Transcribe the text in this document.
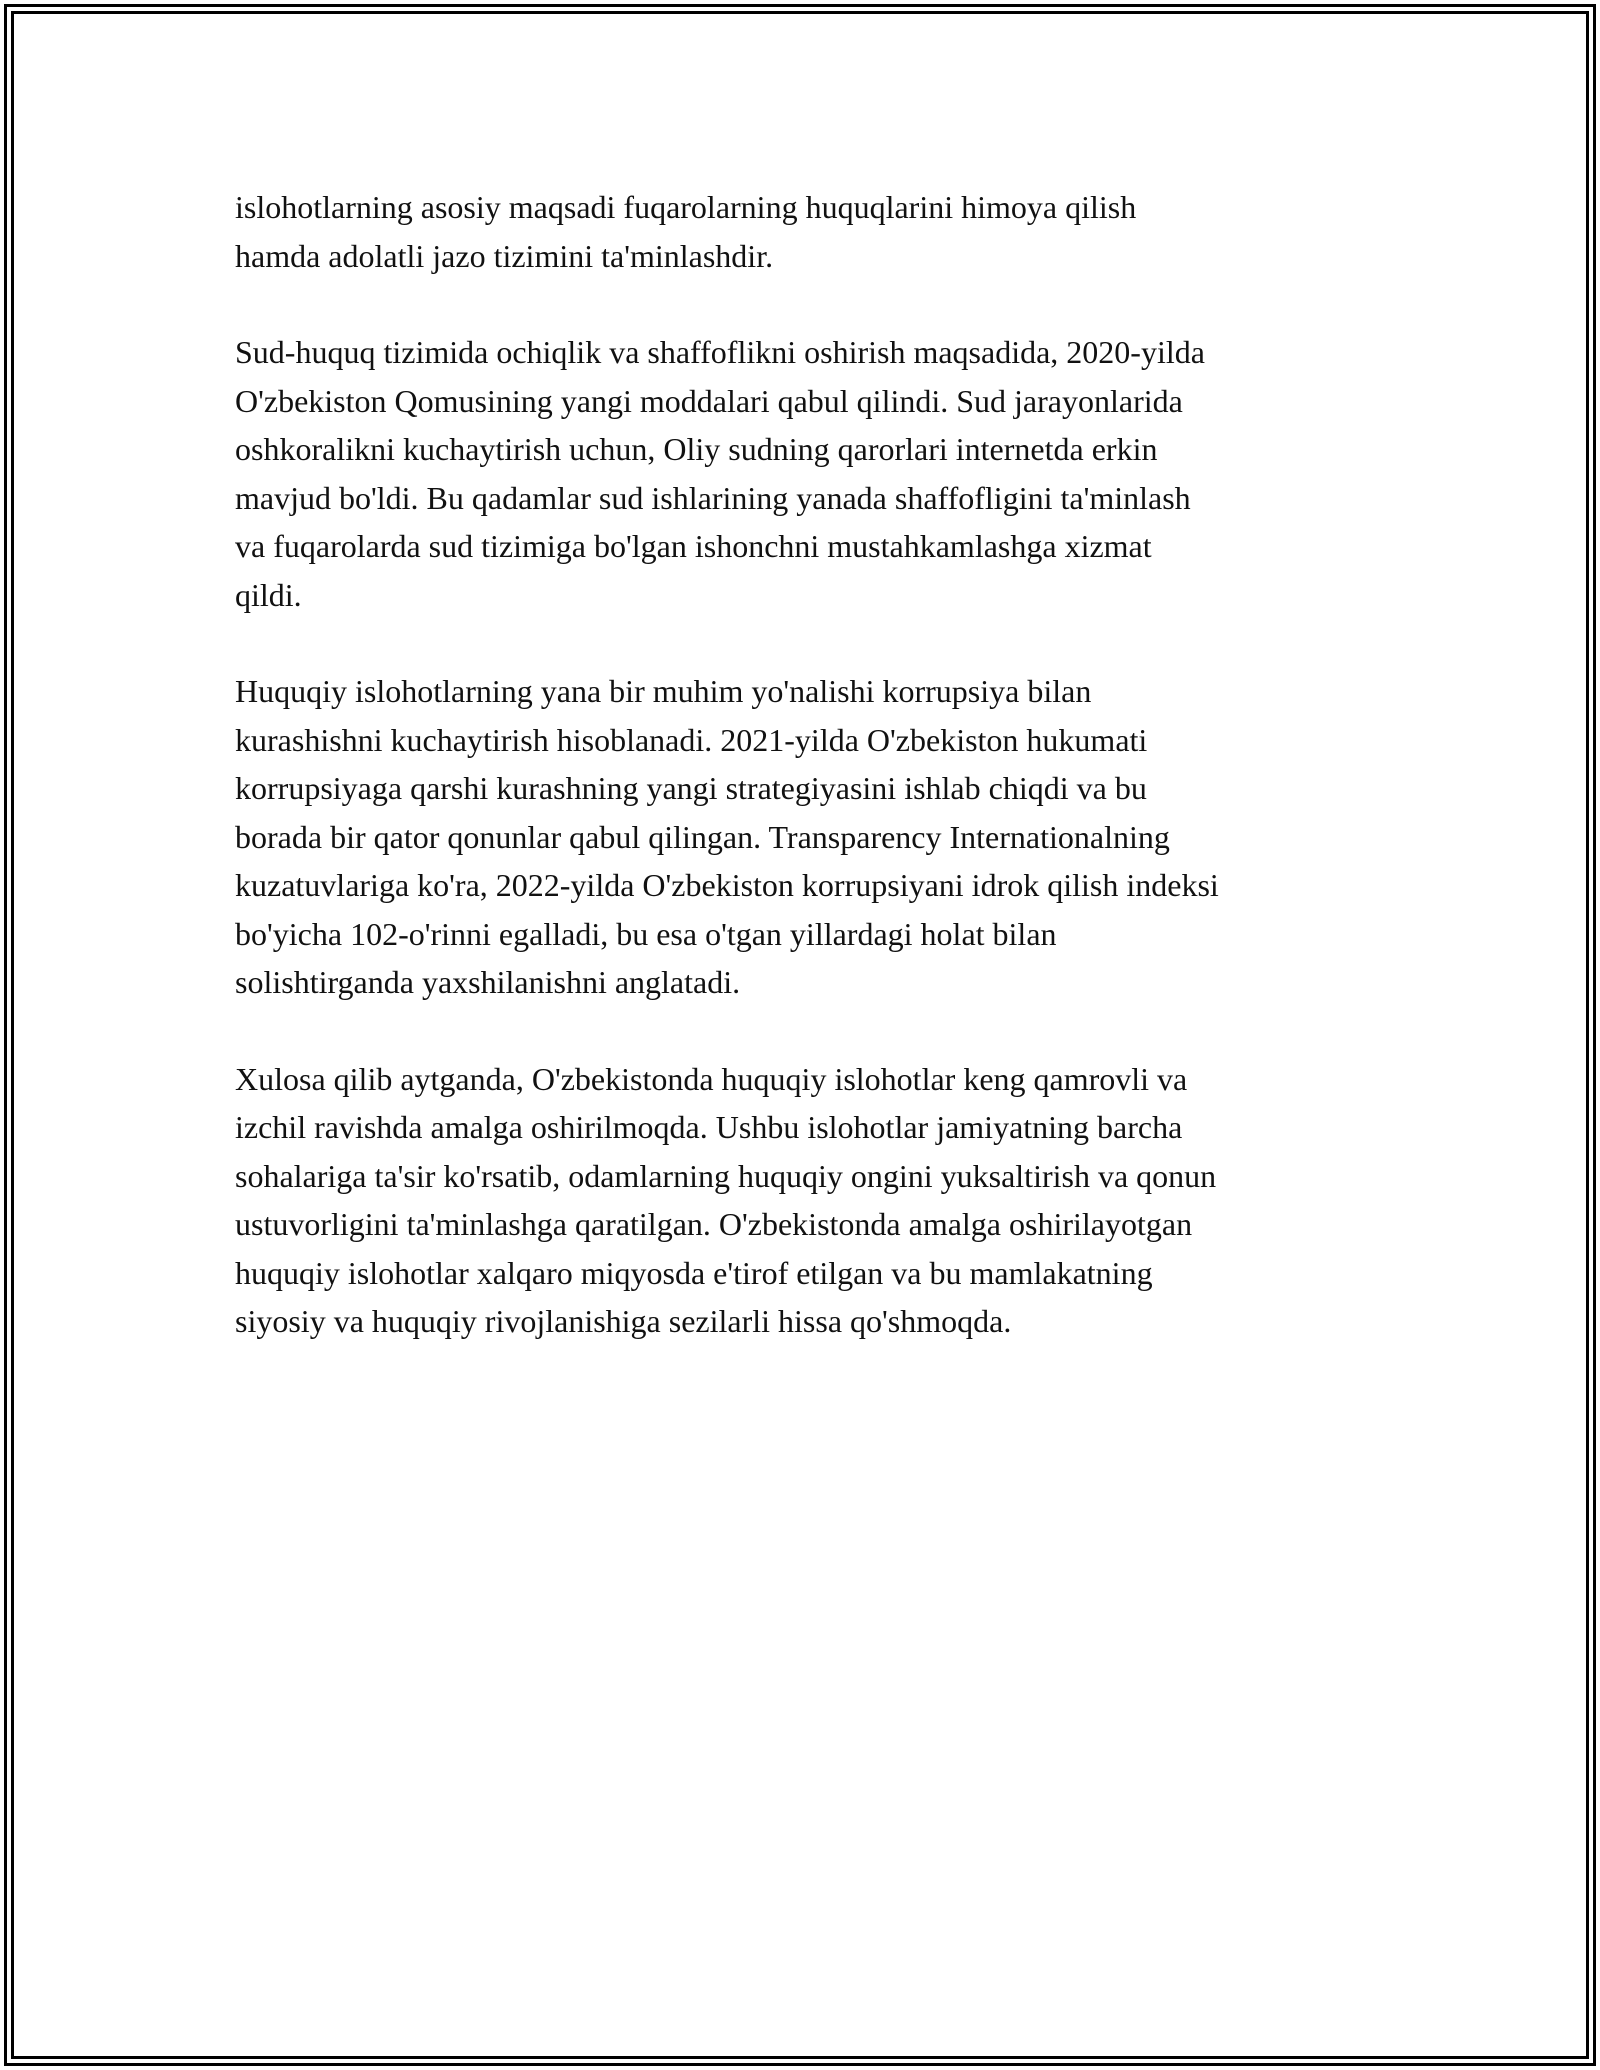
islohotlarning asosiy maqsadi fuqarolarning huquqlarini himoya qilish
hamda adolatli jazo tizimini ta'minlashdir.

Sud-huquq tizimida ochiqlik va shaffoflikni oshirish maqsadida, 2020-yilda
O'zbekiston Qomusining yangi moddalari qabul qilindi. Sud jarayonlarida
oshkoralikni kuchaytirish uchun, Oliy sudning qarorlari internetda erkin
mavjud bo'ldi. Bu qadamlar sud ishlarining yanada shaffofligini ta'minlash
va fuqarolarda sud tizimiga bo'lgan ishonchni mustahkamlashga xizmat
qildi.

Huquqiy islohotlarning yana bir muhim yo'nalishi korrupsiya bilan
kurashishni kuchaytirish hisoblanadi. 2021-yilda O'zbekiston hukumati
korrupsiyaga qarshi kurashning yangi strategiyasini ishlab chiqdi va bu
borada bir qator qonunlar qabul qilingan. Transparency Internationalning
kuzatuvlariga ko'ra, 2022-yilda O'zbekiston korrupsiyani idrok qilish indeksi
bo'yicha 102-o'rinni egalladi, bu esa o'tgan yillardagi holat bilan
solishtirganda yaxshilanishni anglatadi.

Xulosa qilib aytganda, O'zbekistonda huquqiy islohotlar keng qamrovli va
izchil ravishda amalga oshirilmoqda. Ushbu islohotlar jamiyatning barcha
sohalariga ta'sir ko'rsatib, odamlarning huquqiy ongini yuksaltirish va qonun
ustuvorligini ta'minlashga qaratilgan. O'zbekistonda amalga oshirilayotgan
huquqiy islohotlar xalqaro miqyosda e'tirof etilgan va bu mamlakatning
siyosiy va huquqiy rivojlanishiga sezilarli hissa qo'shmoqda.
